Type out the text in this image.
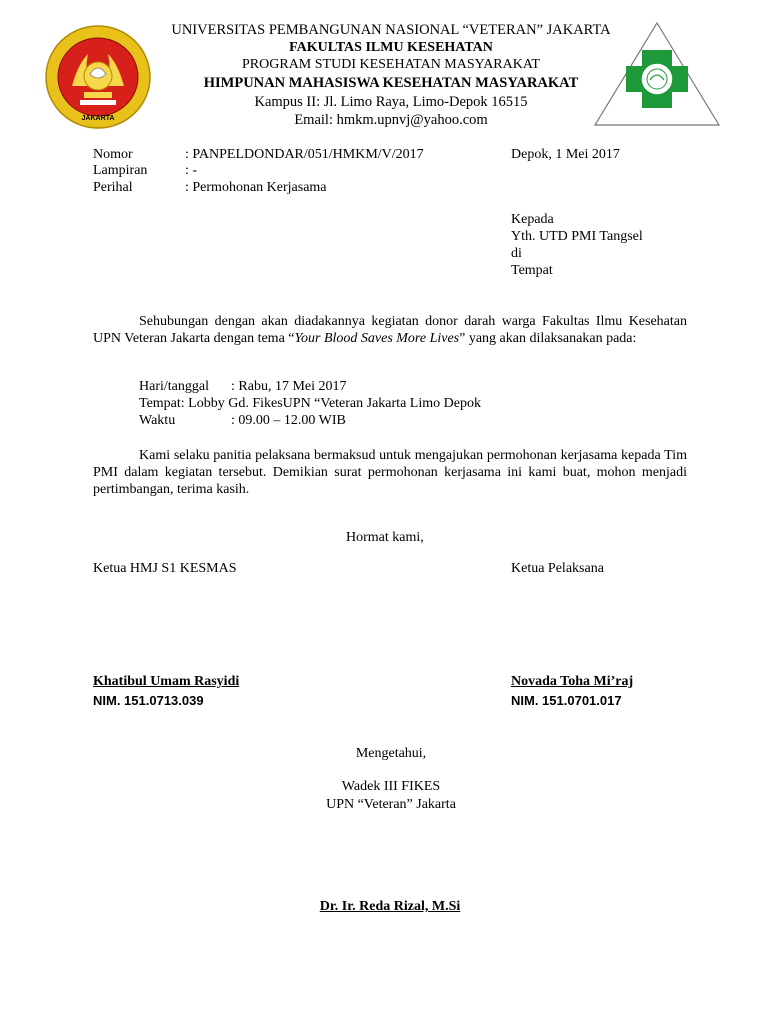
JAKARTA
UNIVERSITAS PEMBANGUNAN NASIONAL “VETERAN” JAKARTA
FAKULTAS ILMU KESEHATAN
PROGRAM STUDI KESEHATAN MASYARAKAT
HIMPUNAN MAHASISWA KESEHATAN MASYARAKAT
Kampus II: Jl. Limo Raya, Limo-Depok 16515
Email: hmkm.upnvj@yahoo.com
Nomor	: PANPELDONDAR/051/HMKM/V/2017	Depok, 1 Mei 2017
Lampiran	: -
Perihal	: Permohonan Kerjasama
Kepada
Yth. UTD PMI Tangsel
di
Tempat
Sehubungan dengan akan diadakannya kegiatan donor darah warga Fakultas Ilmu Kesehatan UPN Veteran Jakarta dengan tema “Your Blood Saves More Lives” yang akan dilaksanakan pada:
Hari/tanggal : Rabu, 17 Mei 2017
Tempat: Lobby Gd. FikesUPN “Veteran Jakarta Limo Depok
Waktu	: 09.00 – 12.00 WIB
Kami selaku panitia pelaksana bermaksud untuk mengajukan permohonan kerjasama kepada Tim PMI dalam kegiatan tersebut. Demikian surat permohonan kerjasama ini kami buat, mohon menjadi pertimbangan, terima kasih.
Hormat kami,
Ketua HMJ S1 KESMAS	Ketua Pelaksana
Khatibul Umam Rasyidi
NIM. 151.0713.039
Novada Toha Mi’raj
NIM. 151.0701.017
Mengetahui,
Wadek III FIKES
UPN “Veteran” Jakarta
Dr. Ir. Reda Rizal, M.Si
